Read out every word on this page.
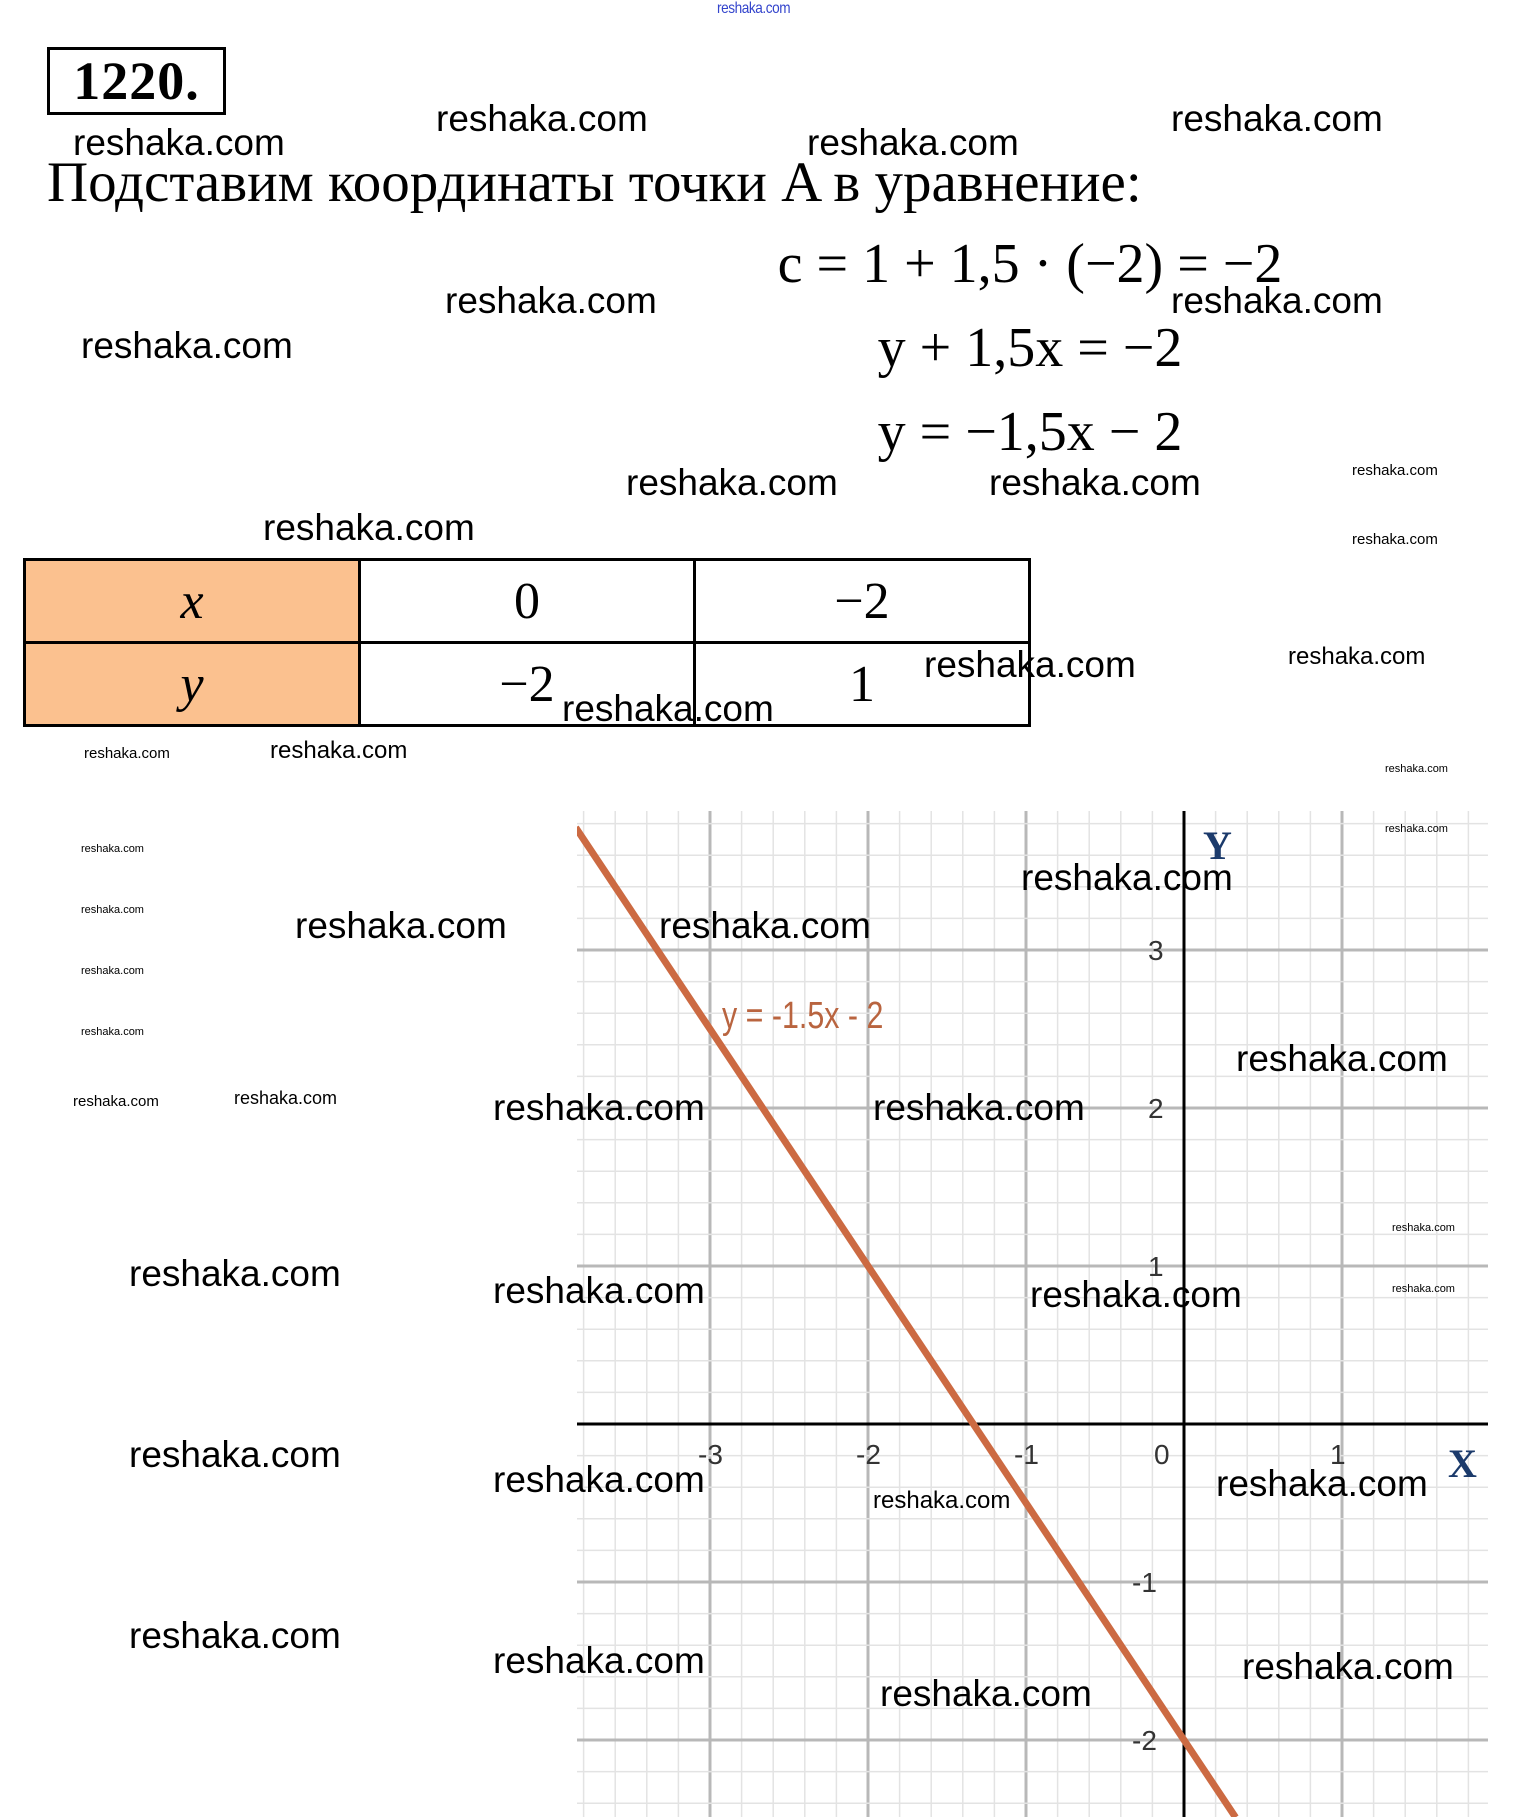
reshaka.com
1220.
Подставим координаты точки A в уравнение:
c = 1 + 1,5 · (−2) = −2
y + 1,5x = −2
y = −1,5x − 2
x	0	−2
y	−2	1
-3	-2	-1	0	1
3
2
1
-1
-2
y = -1.5x - 2
Y
X
reshaka.com	reshaka.com
reshaka.com	reshaka.com
reshaka.com	reshaka.com
reshaka.com
reshaka.com	reshaka.com
reshaka.com
reshaka.com
reshaka.com
reshaka.com
reshaka.com
reshaka.com
reshaka.com
reshaka.com
reshaka.com
reshaka.com
reshaka.com
reshaka.com
reshaka.com
reshaka.com
reshaka.com	reshaka.com
reshaka.com	reshaka.com
reshaka.com
reshaka.com
reshaka.com	reshaka.com
reshaka.com	reshaka.com	reshaka.com
reshaka.com
reshaka.com
reshaka.com
reshaka.com	reshaka.com
reshaka.com
reshaka.com
reshaka.com
reshaka.com
reshaka.com
